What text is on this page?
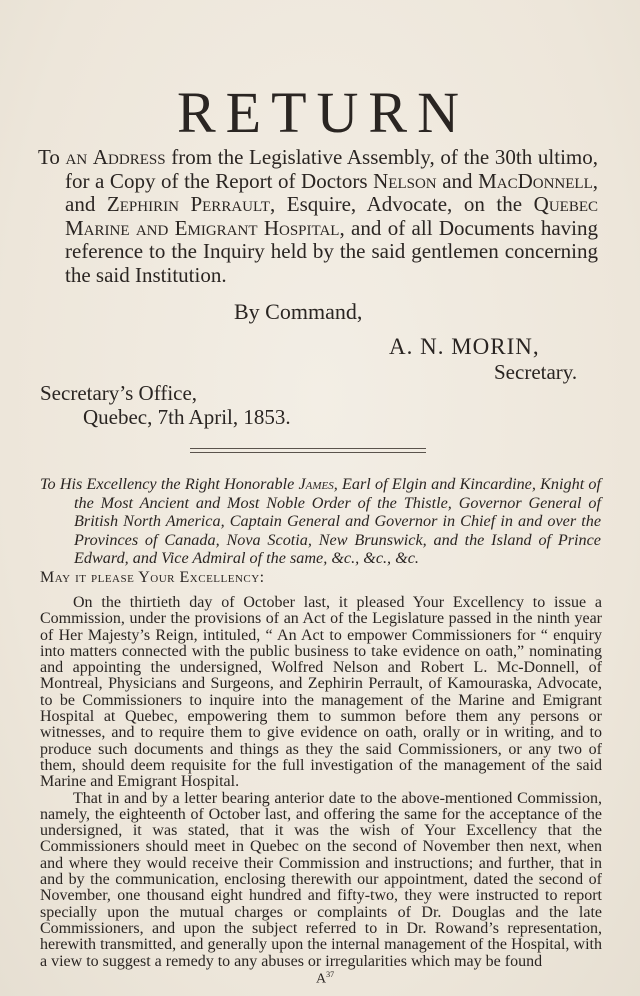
RETURN
To an Address from the Legislative Assembly, of the 30th ultimo, for a Copy of the Report of Doctors Nelson and MacDonnell, and Zephirin Perrault, Esquire, Advocate, on the Quebec Marine and Emigrant Hospital, and of all Documents having reference to the Inquiry held by the said gentlemen concerning the said Institution.
By Command,
A. N. MORIN,
Secretary.
Secretary’s Office,
Quebec, 7th April, 1853.
To His Excellency the Right Honorable James, Earl of Elgin and Kincardine, Knight of the Most Ancient and Most Noble Order of the Thistle, Governor General of British North America, Captain General and Governor in Chief in and over the Provinces of Canada, Nova Scotia, New Brunswick, and the Island of Prince Edward, and Vice Admiral of the same, &c., &c., &c.
May it please Your Excellency:

On the thirtieth day of October last, it pleased Your Excellency to issue a Commission, under the provisions of an Act of the Legislature passed in the ninth year of Her Majesty’s Reign, intituled, “ An Act to empower Commissioners for “ enquiry into matters connected with the public business to take evidence on oath,” nominating and appointing the undersigned, Wolfred Nelson and Robert L. Mc-Donnell, of Montreal, Physicians and Surgeons, and Zephirin Perrault, of Kamouraska, Advocate, to be Commissioners to inquire into the management of the Marine and Emigrant Hospital at Quebec, empowering them to summon before them any persons or witnesses, and to require them to give evidence on oath, orally or in writing, and to produce such documents and things as they the said Commissioners, or any two of them, should deem requisite for the full investigation of the management of the said Marine and Emigrant Hospital.

That in and by a letter bearing anterior date to the above-mentioned Commission, namely, the eighteenth of October last, and offering the same for the acceptance of the undersigned, it was stated, that it was the wish of Your Excellency that the Commissioners should meet in Quebec on the second of November then next, when and where they would receive their Commission and instructions; and further, that in and by the communication, enclosing therewith our appointment, dated the second of November, one thousand eight hundred and fifty-two, they were instructed to report specially upon the mutual charges or complaints of Dr. Douglas and the late Commissioners, and upon the subject referred to in Dr. Rowand’s representation, herewith transmitted, and generally upon the internal management of the Hospital, with a view to suggest a remedy to any abuses or irregularities which may be found

$A^{37}$
